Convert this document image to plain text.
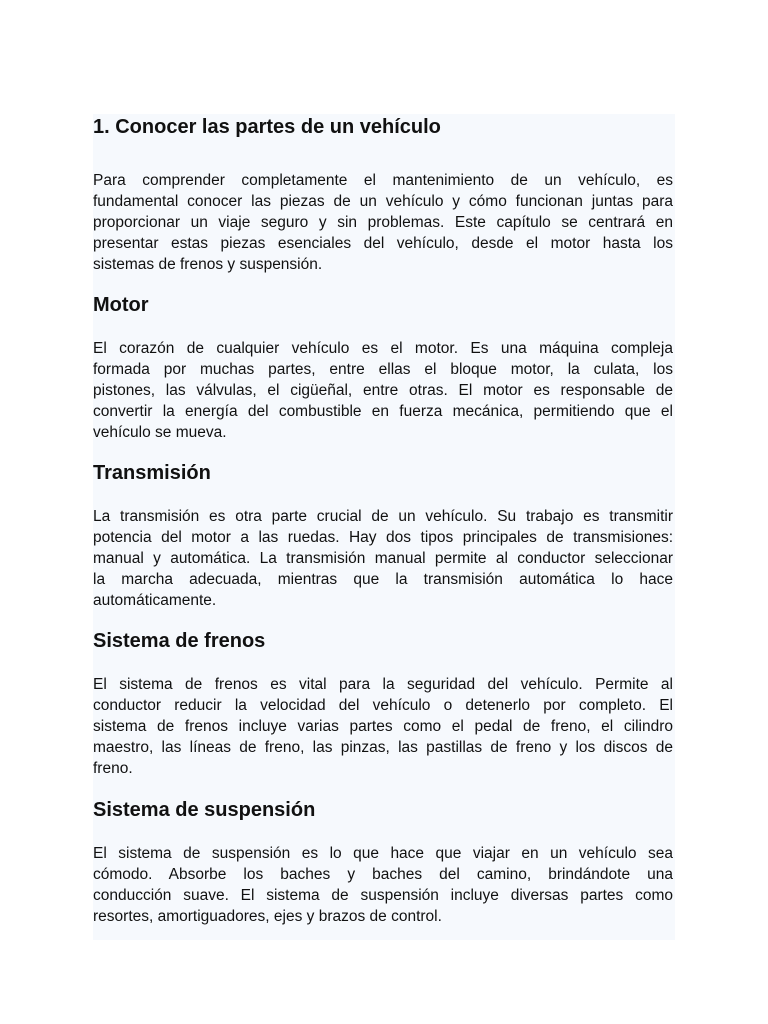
1. Conocer las partes de un vehículo

Para comprender completamente el mantenimiento de un vehículo, es
fundamental conocer las piezas de un vehículo y cómo funcionan juntas para
proporcionar un viaje seguro y sin problemas. Este capítulo se centrará en
presentar estas piezas esenciales del vehículo, desde el motor hasta los
sistemas de frenos y suspensión.

Motor

El corazón de cualquier vehículo es el motor. Es una máquina compleja
formada por muchas partes, entre ellas el bloque motor, la culata, los
pistones, las válvulas, el cigüeñal, entre otras. El motor es responsable de
convertir la energía del combustible en fuerza mecánica, permitiendo que el
vehículo se mueva.

Transmisión

La transmisión es otra parte crucial de un vehículo. Su trabajo es transmitir
potencia del motor a las ruedas. Hay dos tipos principales de transmisiones:
manual y automática. La transmisión manual permite al conductor seleccionar
la marcha adecuada, mientras que la transmisión automática lo hace
automáticamente.

Sistema de frenos

El sistema de frenos es vital para la seguridad del vehículo. Permite al
conductor reducir la velocidad del vehículo o detenerlo por completo. El
sistema de frenos incluye varias partes como el pedal de freno, el cilindro
maestro, las líneas de freno, las pinzas, las pastillas de freno y los discos de
freno.

Sistema de suspensión

El sistema de suspensión es lo que hace que viajar en un vehículo sea
cómodo. Absorbe los baches y baches del camino, brindándote una
conducción suave. El sistema de suspensión incluye diversas partes como
resortes, amortiguadores, ejes y brazos de control.
